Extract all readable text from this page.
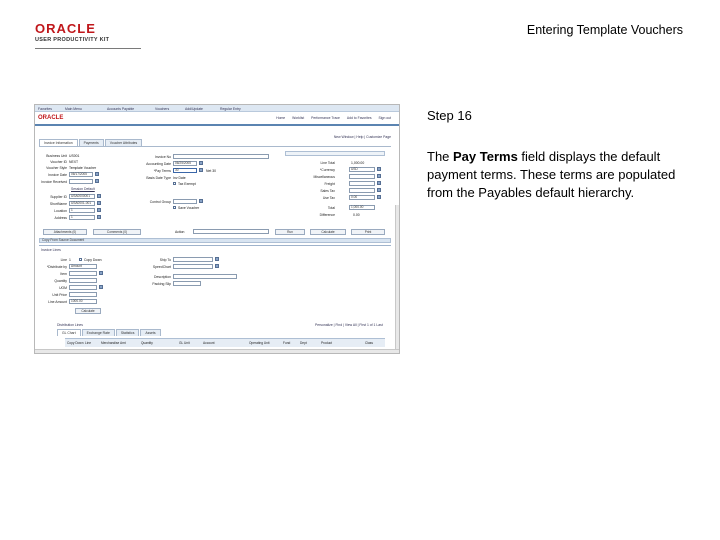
ORACLE
USER PRODUCTIVITY KIT
Entering Template Vouchers
Favorites	Main Menu	Accounts Payable	Vouchers	Add/Update	Regular Entry
ORACLE	Home Worklist Performance Trace Add to Favorites Sign out
New Window | Help | Customize Page
Invoice Information	Payments	Voucher Attributes
Business Unit US001
Voucher ID NEXT
Voucher Style Template Voucher
Invoice Date	06/17/2005
Invoice Received
Session Default
Supplier ID	USA0000001
ShortName	USA0001-001
Location	1
Address	1
Invoice No
Accounting Date	06/25/2005
*Pay Terms	30	Net 30
Basis Date Type Inv Date
Tax Exempt
Control Group
Save Voucher
Line Total	1,000.00
*Currency	USD
Miscellaneous
Freight
Sales Tax
Use Tax	0.00
Total	1,000.00
Difference	0.00
Attachments (0)	Comments (0)	Action	Run	Calculate	Print
Copy From Source Document
Invoice Lines
Line 1	Copy Down
*Distribute by	Amount
Item
Quantity
UOM
Unit Price
Line Amount	1000.00
Calculate
Ship To
SpeedChart
Description
Packing Slip
Distribution Lines	Personalize | Find | View All | First 1 of 1 Last
GL Chart	Exchange Rate	Statistics	Assets
Copy Down Line	Merchandise Amt	Quantity	GL Unit	Account	Operating Unit	Fund	Dept	Product	Class
Step 16
The Pay Terms field displays the default payment terms. These terms are populated from the Payables default hierarchy.
